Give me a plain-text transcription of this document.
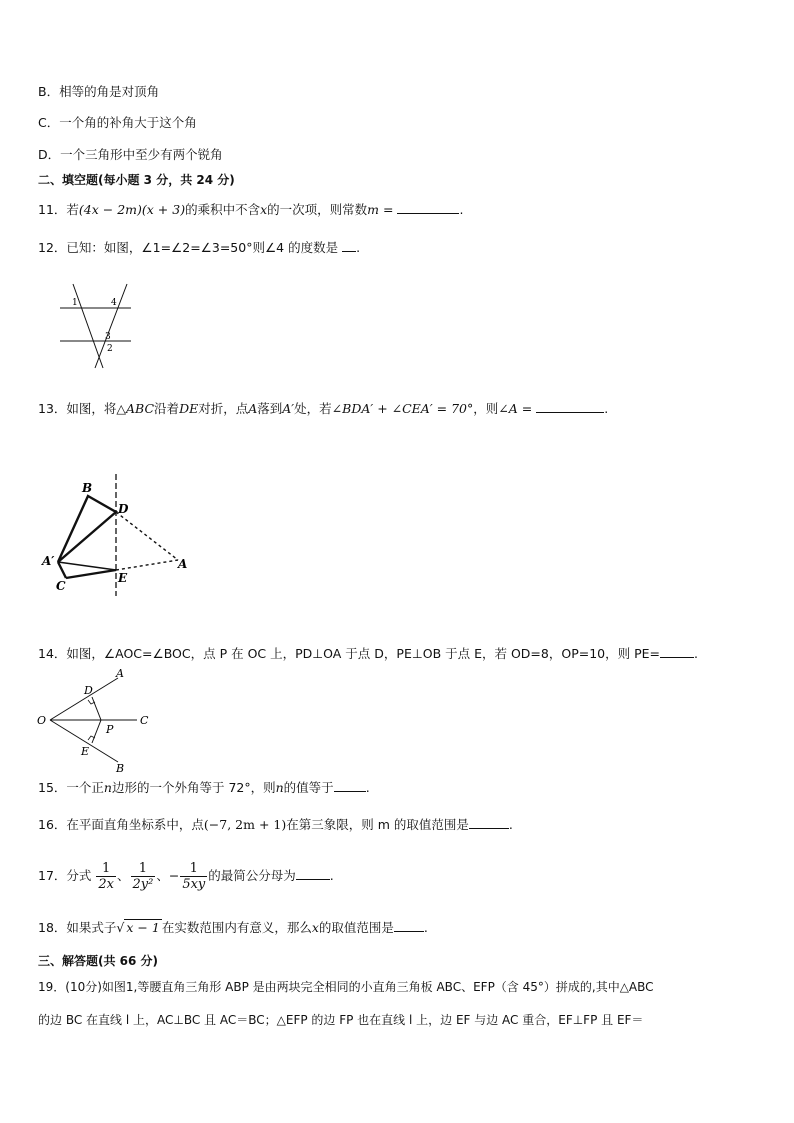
B．相等的角是对顶角
C．一个角的补角大于这个角
D．一个三角形中至少有两个锐角
二、填空题(每小题 3 分，共 24 分)
11．若(4x − 2m)(x + 3)的乘积中不含x的一次项，则常数m =	.
12．已知：如图，∠1=∠2=∠3=50°则∠4 的度数是 .
1	4
3
2
13．如图，将△ABC沿着DE对折，点A落到A′处，若∠BDA′ + ∠CEA′ = 70°，则∠A =	.
B
D
A′	A
C
E
14．如图，∠AOC=∠BOC，点 P 在 OC 上，PD⊥OA 于点 D，PE⊥OB 于点 E，若 OD=8，OP=10，则 PE=	.
A
D
O
P
C
E
B
15．一个正n边形的一个外角等于 72°，则n的值等于	.
16．在平面直角坐标系中，点(−7, 2m + 1)在第三象限，则 m 的取值范围是	.
17．分式 $\frac{1}{2x}$ 、 $\frac{1}{\text{2y²}}$ 、− $\frac{1}{5xy}$ 的最简公分母为	.
18．如果式子√ x − 1 在实数范围内有意义，那么x的取值范围是 .
三、解答题(共 66 分)
19．(10分)如图1,等腰直角三角形 ABP 是由两块完全相同的小直角三角板 ABC、EFP（含 45°）拼成的,其中△ABC
的边 BC 在直线 l 上，AC⊥BC 且 AC＝BC；△EFP 的边 FP 也在直线 l 上，边 EF 与边 AC 重合，EF⊥FP 且 EF＝
